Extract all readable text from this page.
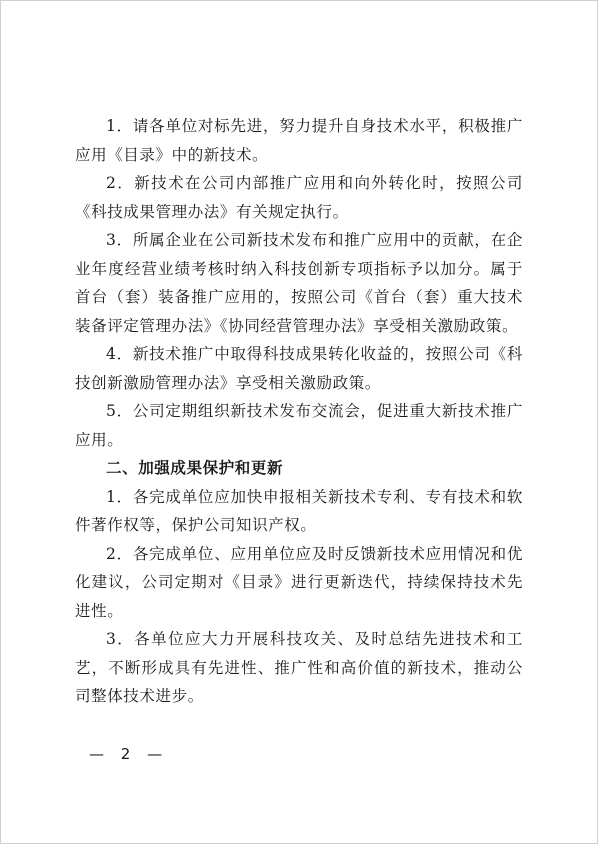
1．请各单位对标先进，努力提升自身技术水平，积极推广应用《目录》中的新技术。

2．新技术在公司内部推广应用和向外转化时，按照公司《科技成果管理办法》有关规定执行。

3．所属企业在公司新技术发布和推广应用中的贡献，在企业年度经营业绩考核时纳入科技创新专项指标予以加分。属于首台（套）装备推广应用的，按照公司《首台（套）重大技术装备评定管理办法》《协同经营管理办法》享受相关激励政策。

4．新技术推广中取得科技成果转化收益的，按照公司《科技创新激励管理办法》享受相关激励政策。

5．公司定期组织新技术发布交流会，促进重大新技术推广应用。

二、加强成果保护和更新

1．各完成单位应加快申报相关新技术专利、专有技术和软件著作权等，保护公司知识产权。

2．各完成单位、应用单位应及时反馈新技术应用情况和优化建议，公司定期对《目录》进行更新迭代，持续保持技术先进性。

3．各单位应大力开展科技攻关、及时总结先进技术和工艺，不断形成具有先进性、推广性和高价值的新技术，推动公司整体技术进步。

— 2 —
